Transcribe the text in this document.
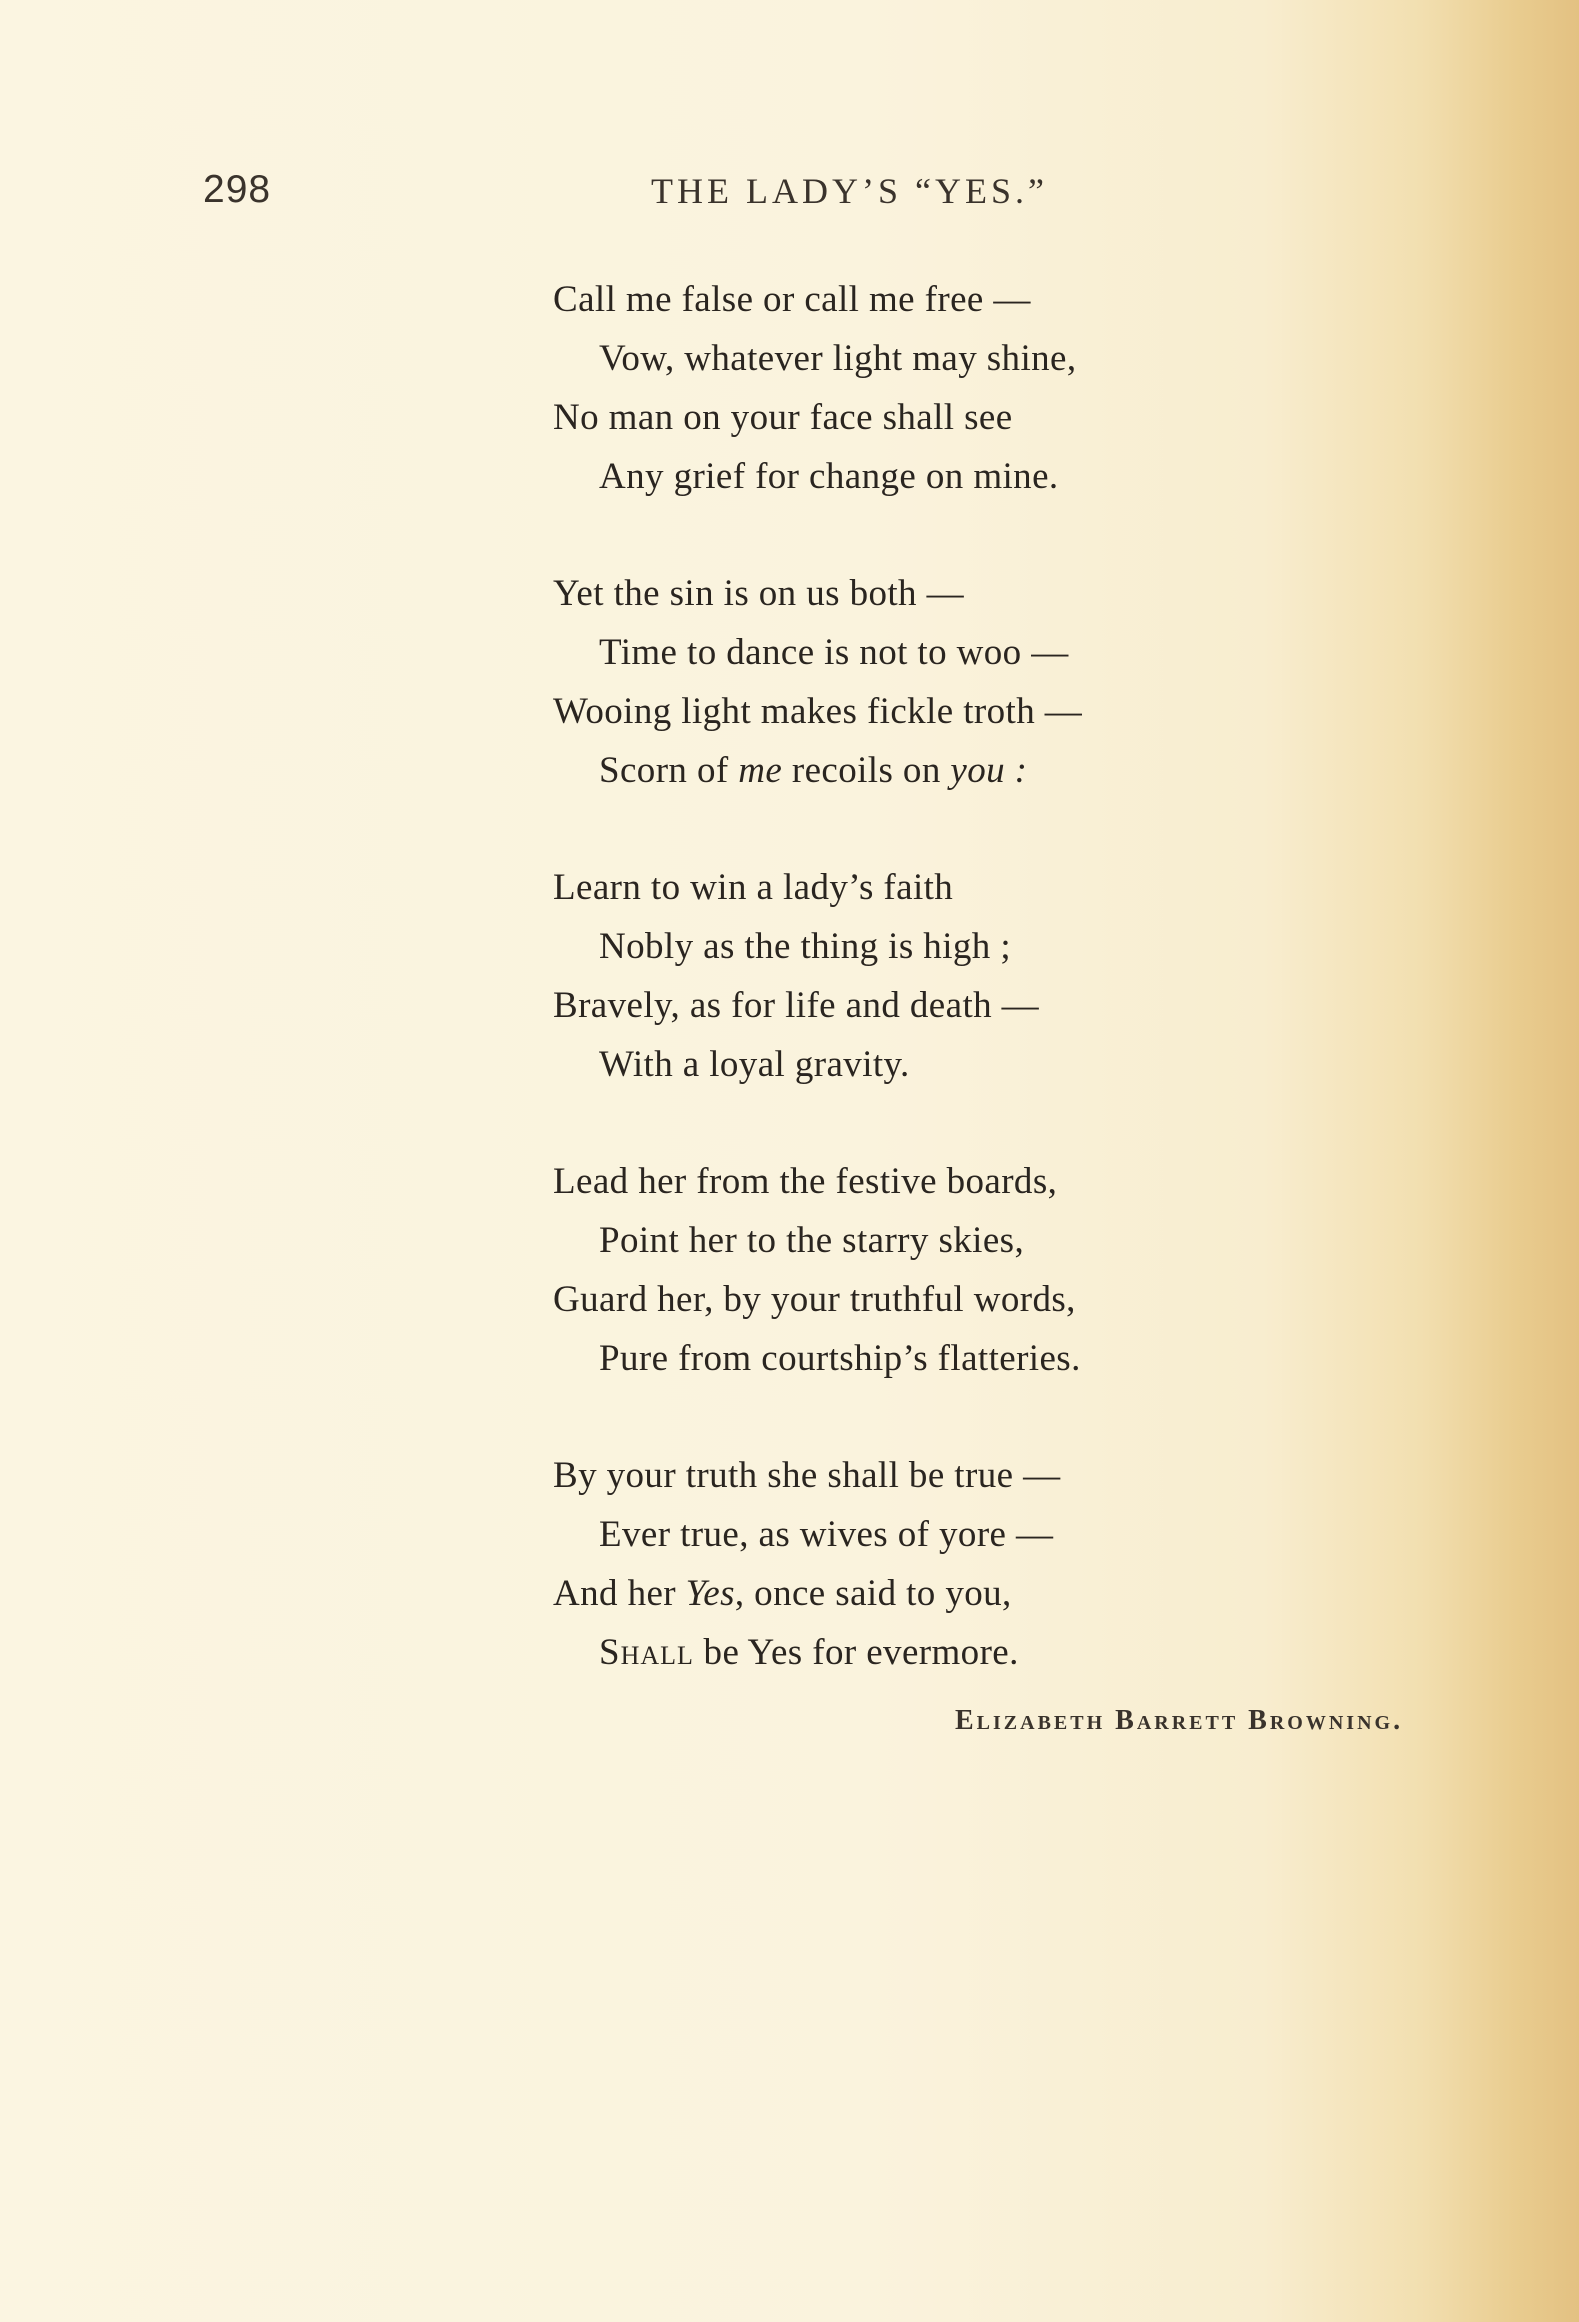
298	THE LADY’S “YES.”
Call me false or call me free —
Vow, whatever light may shine,
No man on your face shall see
Any grief for change on mine.
Yet the sin is on us both —
Time to dance is not to woo —
Wooing light makes fickle troth —
Scorn of me recoils on you :
Learn to win a lady’s faith
Nobly as the thing is high ;
Bravely, as for life and death —
With a loyal gravity.
Lead her from the festive boards,
Point her to the starry skies,
Guard her, by your truthful words,
Pure from courtship’s flatteries.
By your truth she shall be true —
Ever true, as wives of yore —
And her Yes, once said to you,
Shall be Yes for evermore.
Elizabeth Barrett Browning.
